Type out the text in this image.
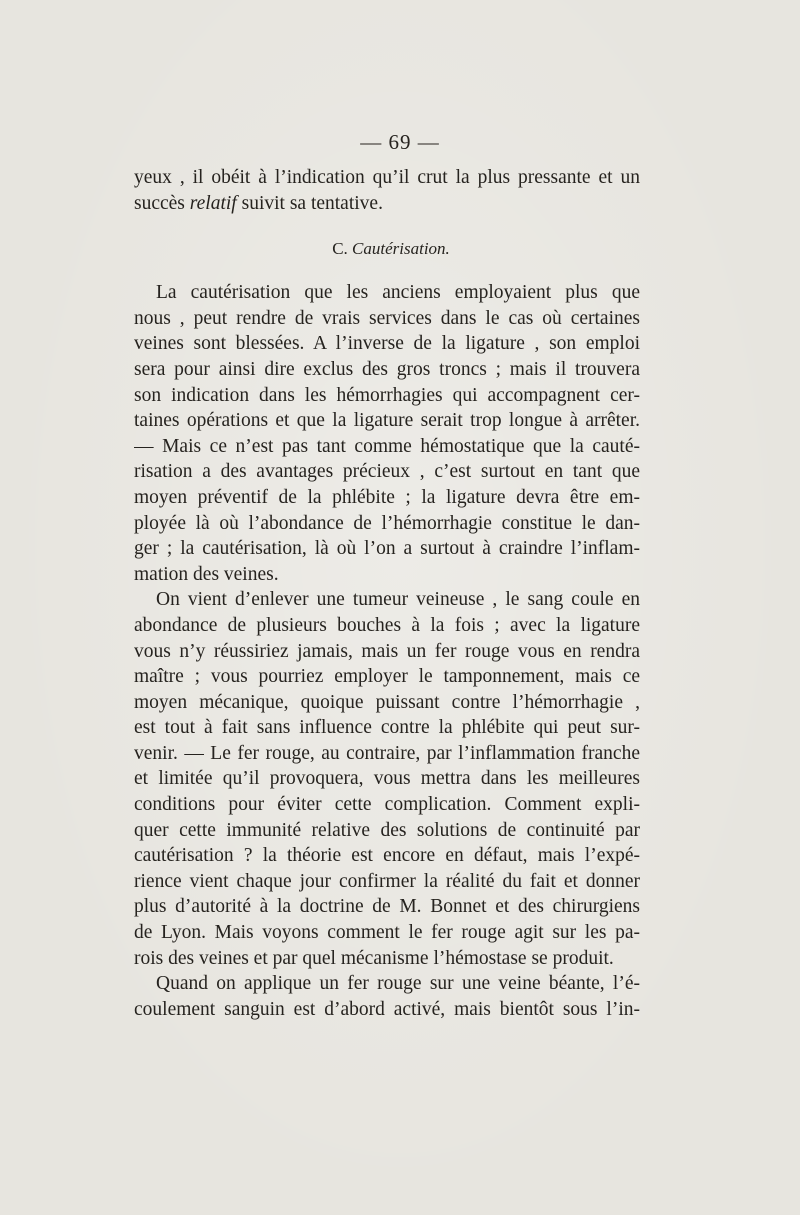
— 69 —
yeux , il obéit à l’indication qu’il crut la plus pressante et un
succès relatif suivit sa tentative.
C. Cautérisation.
La cautérisation que les anciens employaient plus que
nous , peut rendre de vrais services dans le cas où certaines
veines sont blessées. A l’inverse de la ligature , son emploi
sera pour ainsi dire exclus des gros troncs ; mais il trouvera
son indication dans les hémorrhagies qui accompagnent cer-
taines opérations et que la ligature serait trop longue à arrêter.
— Mais ce n’est pas tant comme hémostatique que la cauté-
risation a des avantages précieux , c’est surtout en tant que
moyen préventif de la phlébite ; la ligature devra être em-
ployée là où l’abondance de l’hémorrhagie constitue le dan-
ger ; la cautérisation, là où l’on a surtout à craindre l’inflam-
mation des veines.
On vient d’enlever une tumeur veineuse , le sang coule en
abondance de plusieurs bouches à la fois ; avec la ligature
vous n’y réussiriez jamais, mais un fer rouge vous en rendra
maître ; vous pourriez employer le tamponnement, mais ce
moyen mécanique, quoique puissant contre l’hémorrhagie ,
est tout à fait sans influence contre la phlébite qui peut sur-
venir. — Le fer rouge, au contraire, par l’inflammation franche
et limitée qu’il provoquera, vous mettra dans les meilleures
conditions pour éviter cette complication. Comment expli-
quer cette immunité relative des solutions de continuité par
cautérisation ? la théorie est encore en défaut, mais l’expé-
rience vient chaque jour confirmer la réalité du fait et donner
plus d’autorité à la doctrine de M. Bonnet et des chirurgiens
de Lyon. Mais voyons comment le fer rouge agit sur les pa-
rois des veines et par quel mécanisme l’hémostase se produit.
Quand on applique un fer rouge sur une veine béante, l’é-
coulement sanguin est d’abord activé, mais bientôt sous l’in-
